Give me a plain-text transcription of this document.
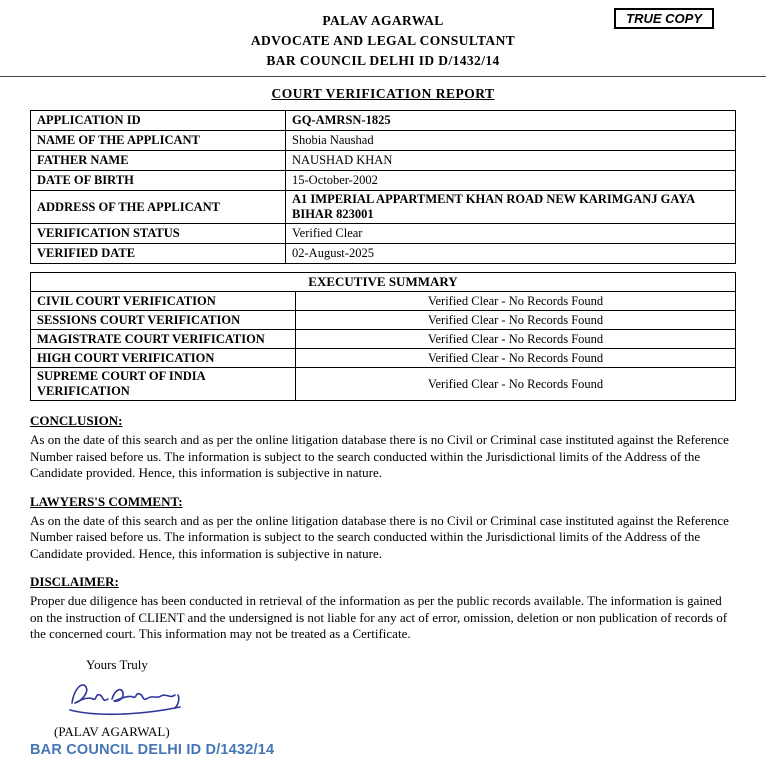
PALAV AGARWAL
ADVOCATE AND LEGAL CONSULTANT
BAR COUNCIL DELHI ID D/1432/14
TRUE COPY
COURT VERIFICATION REPORT
APPLICATION ID	GQ-AMRSN-1825
NAME OF THE APPLICANT	Shobia Naushad
FATHER NAME	NAUSHAD KHAN
DATE OF BIRTH	15-October-2002
ADDRESS OF THE APPLICANT	A1 IMPERIAL APPARTMENT KHAN ROAD NEW KARIMGANJ GAYA BIHAR 823001
VERIFICATION STATUS	Verified Clear
VERIFIED DATE	02-August-2025
EXECUTIVE SUMMARY	
CIVIL COURT VERIFICATION	Verified Clear - No Records Found
SESSIONS COURT VERIFICATION	Verified Clear - No Records Found
MAGISTRATE COURT VERIFICATION	Verified Clear - No Records Found
HIGH COURT VERIFICATION	Verified Clear - No Records Found
SUPREME COURT OF INDIA VERIFICATION	Verified Clear - No Records Found
CONCLUSION:
As on the date of this search and as per the online litigation database there is no Civil or Criminal case instituted against the Reference Number raised before us. The information is subject to the search conducted within the Jurisdictional limits of the Address of the Candidate provided. Hence, this information is subjective in nature.
LAWYERS'S COMMENT:
As on the date of this search and as per the online litigation database there is no Civil or Criminal case instituted against the Reference Number raised before us. The information is subject to the search conducted within the Jurisdictional limits of the Address of the Candidate provided. Hence, this information is subjective in nature.
DISCLAIMER:
Proper due diligence has been conducted in retrieval of the information as per the public records available. The information is gained on the instruction of CLIENT and the undersigned is not liable for any act of error, omission, deletion or non publication of records of the concerned court. This information may not be treated as a Certificate.
Yours Truly
(PALAV AGARWAL)
BAR COUNCIL DELHI ID D/1432/14
